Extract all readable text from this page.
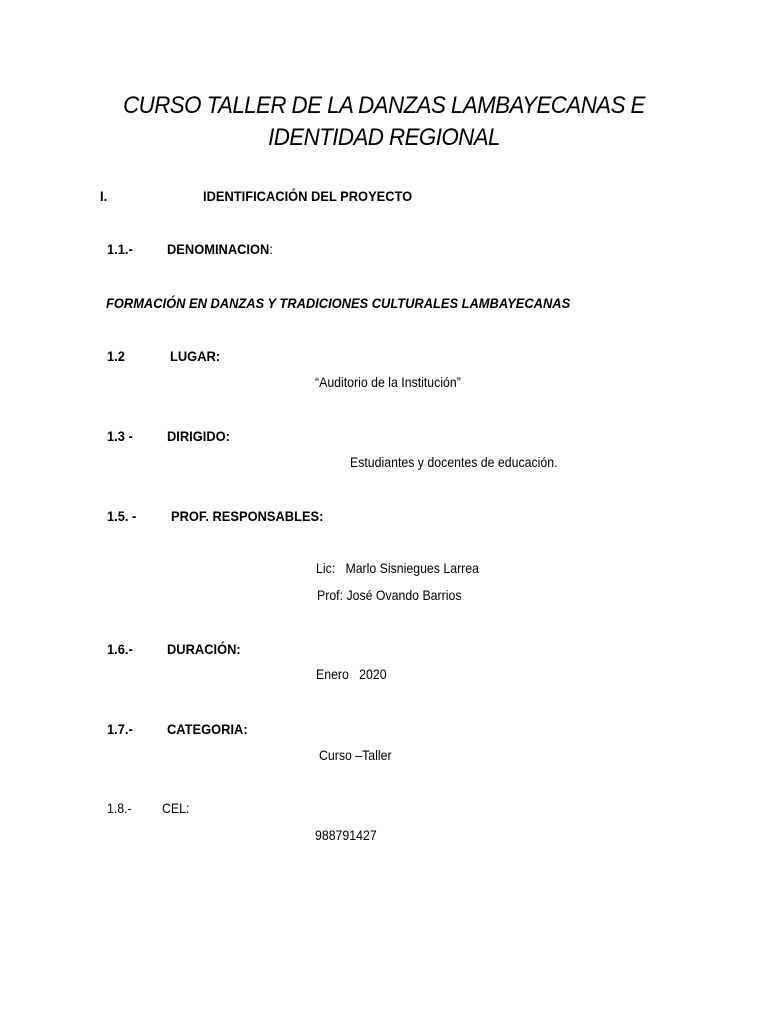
CURSO TALLER DE LA DANZAS LAMBAYECANAS E
IDENTIDAD REGIONAL
I.	IDENTIFICACIÓN DEL PROYECTO
1.1.- DENOMINACION:
FORMACIÓN EN DANZAS Y TRADICIONES CULTURALES LAMBAYECANAS
1.2	LUGAR:
“Auditorio de la Institución”
1.3 - DIRIGIDO:
Estudiantes y docentes de educación.
1.5. - PROF. RESPONSABLES:
Lic:   Marlo Sisniegues Larrea
Prof: José Ovando Barrios
1.6.- DURACIÓN:
Enero   2020
1.7.- CATEGORIA:
Curso –Taller
1.8.- CEL:
988791427
